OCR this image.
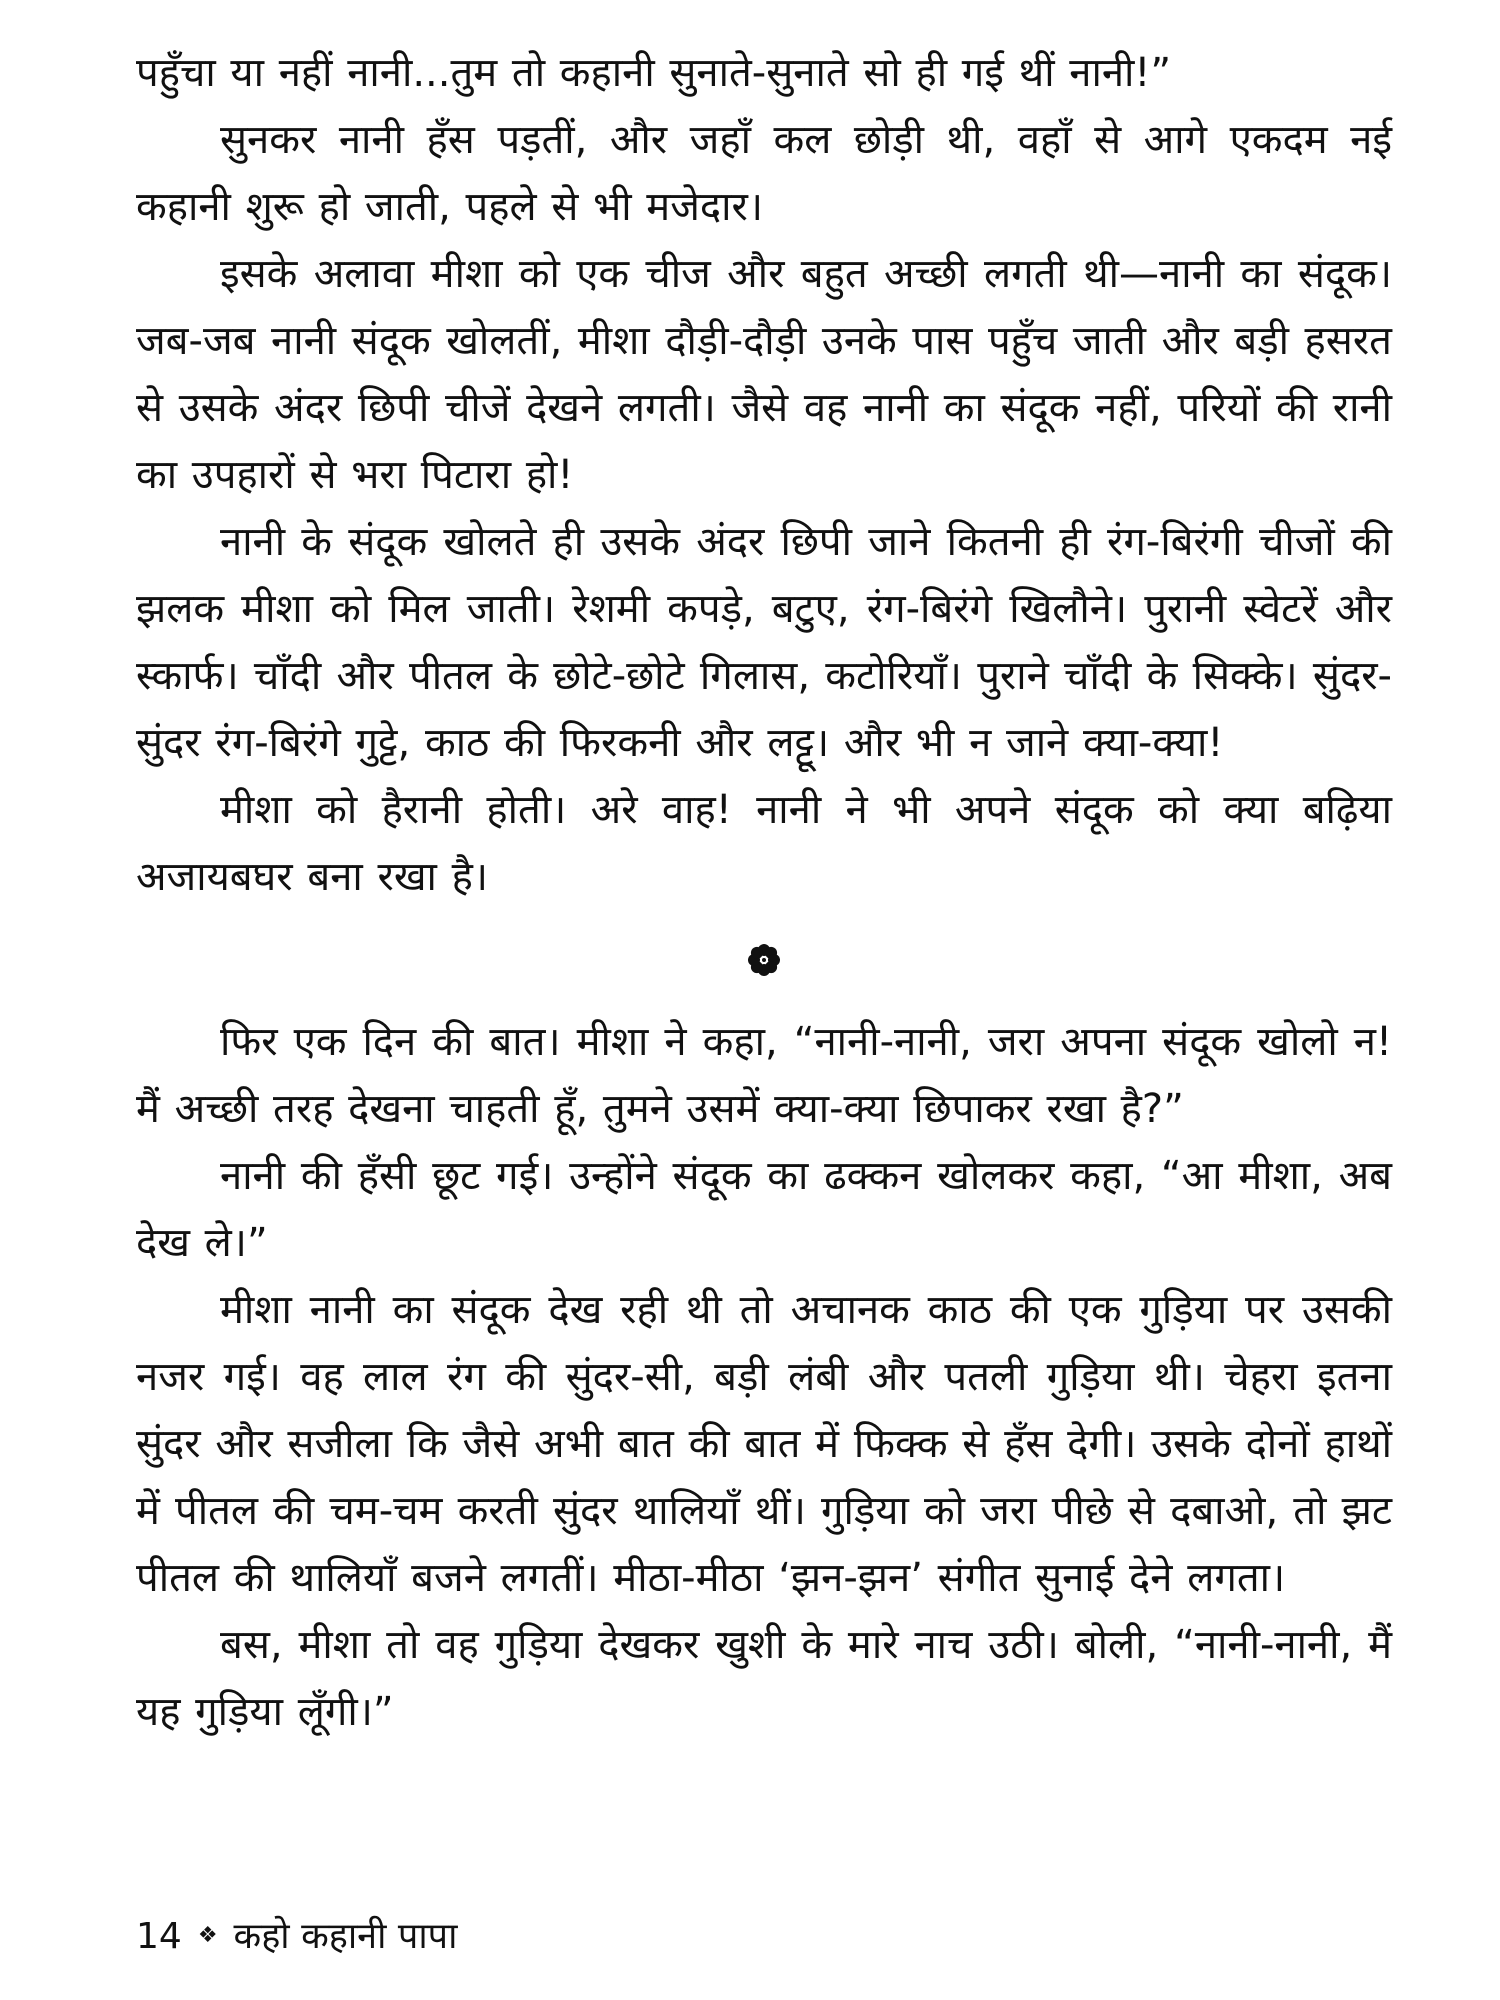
पहुँचा या नहीं नानी...तुम तो कहानी सुनाते-सुनाते सो ही गई थीं नानी!”

सुनकर नानी हँस पड़तीं, और जहाँ कल छोड़ी थी, वहाँ से आगे एकदम नई कहानी शुरू हो जाती, पहले से भी मजेदार।

इसके अलावा मीशा को एक चीज और बहुत अच्छी लगती थी—नानी का संदूक। जब-जब नानी संदूक खोलतीं, मीशा दौड़ी-दौड़ी उनके पास पहुँच जाती और बड़ी हसरत से उसके अंदर छिपी चीजें देखने लगती। जैसे वह नानी का संदूक नहीं, परियों की रानी का उपहारों से भरा पिटारा हो!

नानी के संदूक खोलते ही उसके अंदर छिपी जाने कितनी ही रंग-बिरंगी चीजों की झलक मीशा को मिल जाती। रेशमी कपड़े, बटुए, रंग-बिरंगे खिलौने। पुरानी स्वेटरें और स्कार्फ। चाँदी और पीतल के छोटे-छोटे गिलास, कटोरियाँ। पुराने चाँदी के सिक्के। सुंदर-सुंदर रंग-बिरंगे गुट्टे, काठ की फिरकनी और लट्टू। और भी न जाने क्या-क्या!

मीशा को हैरानी होती। अरे वाह! नानी ने भी अपने संदूक को क्या बढ़िया अजायबघर बना रखा है।

फिर एक दिन की बात। मीशा ने कहा, “नानी-नानी, जरा अपना संदूक खोलो न! मैं अच्छी तरह देखना चाहती हूँ, तुमने उसमें क्या-क्या छिपाकर रखा है?”

नानी की हँसी छूट गई। उन्होंने संदूक का ढक्कन खोलकर कहा, “आ मीशा, अब देख ले।”

मीशा नानी का संदूक देख रही थी तो अचानक काठ की एक गुड़िया पर उसकी नजर गई। वह लाल रंग की सुंदर-सी, बड़ी लंबी और पतली गुड़िया थी। चेहरा इतना सुंदर और सजीला कि जैसे अभी बात की बात में फिक्क से हँस देगी। उसके दोनों हाथों में पीतल की चम-चम करती सुंदर थालियाँ थीं। गुड़िया को जरा पीछे से दबाओ, तो झट पीतल की थालियाँ बजने लगतीं। मीठा-मीठा ‘झन-झन’ संगीत सुनाई देने लगता।

बस, मीशा तो वह गुड़िया देखकर खुशी के मारे नाच उठी। बोली, “नानी-नानी, मैं यह गुड़िया लूँगी।”

14 ❖ कहो कहानी पापा
